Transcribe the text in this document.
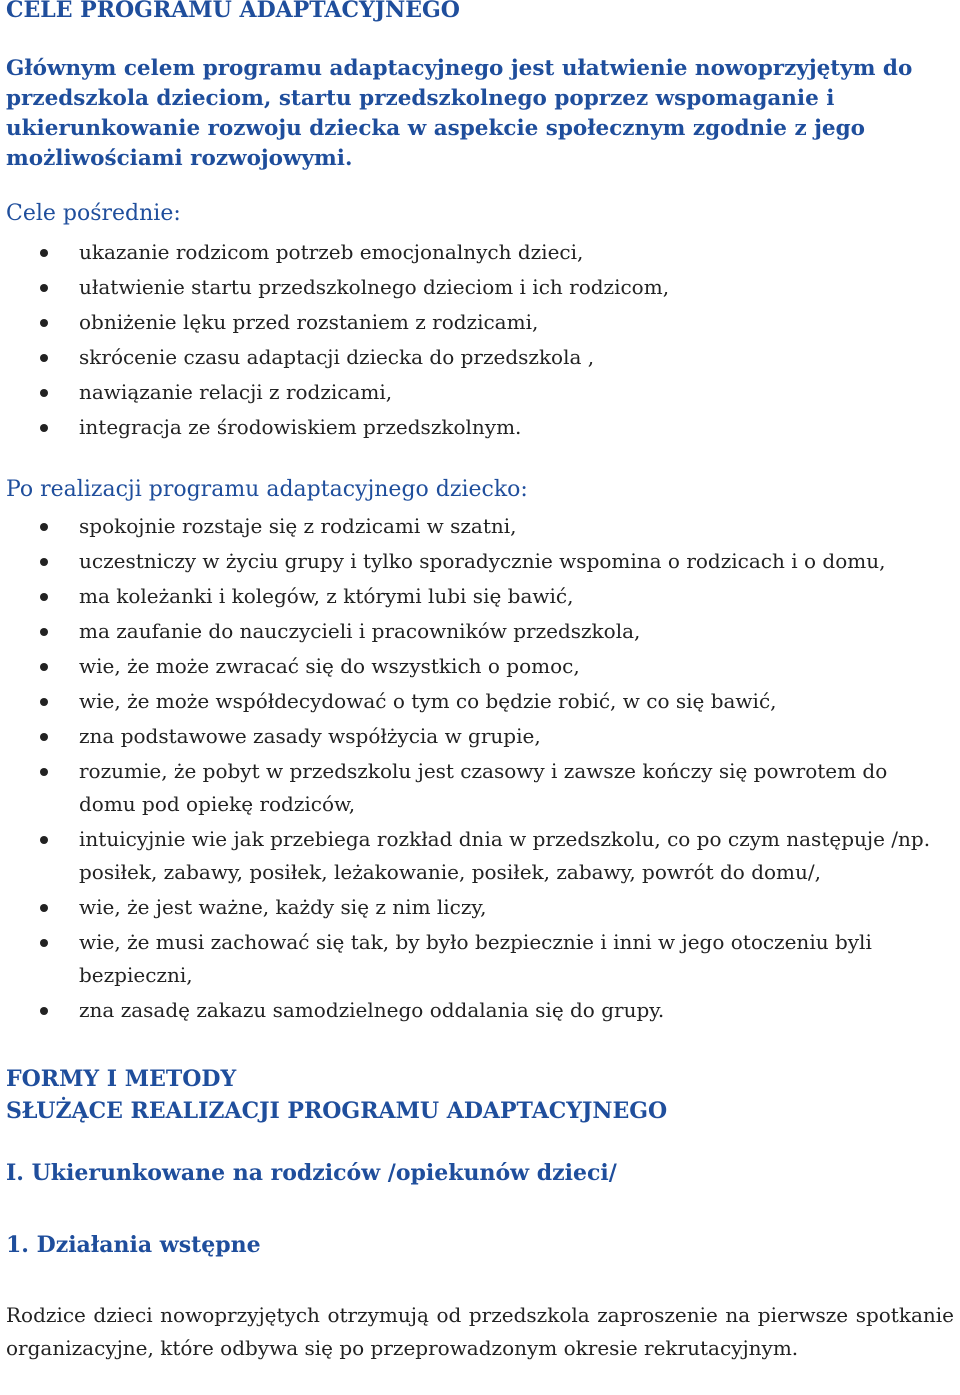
CELE PROGRAMU ADAPTACYJNEGO

Głównym celem programu adaptacyjnego jest ułatwienie nowoprzyjętym do przedszkola dzieciom, startu przedszkolnego poprzez wspomaganie i ukierunkowanie rozwoju dziecka w aspekcie społecznym zgodnie z jego możliwościami rozwojowymi.

Cele pośrednie:
ukazanie rodzicom potrzeb emocjonalnych dzieci,
ułatwienie startu przedszkolnego dzieciom i ich rodzicom,
obniżenie lęku przed rozstaniem z rodzicami,
skrócenie czasu adaptacji dziecka do przedszkola ,
nawiązanie relacji z rodzicami,
integracja ze środowiskiem przedszkolnym.
Po realizacji programu adaptacyjnego dziecko:
spokojnie rozstaje się z rodzicami w szatni,
uczestniczy w życiu grupy i tylko sporadycznie wspomina o rodzicach i o domu,
ma koleżanki i kolegów, z którymi lubi się bawić,
ma zaufanie do nauczycieli i pracowników przedszkola,
wie, że może zwracać się do wszystkich o pomoc,
wie, że może współdecydować o tym co będzie robić, w co się bawić,
zna podstawowe zasady współżycia w grupie,
rozumie, że pobyt w przedszkolu jest czasowy i zawsze kończy się powrotem do domu pod opiekę rodziców,
intuicyjnie wie jak przebiega rozkład dnia w przedszkolu, co po czym następuje /np. posiłek, zabawy, posiłek, leżakowanie, posiłek, zabawy, powrót do domu/,
wie, że jest ważne, każdy się z nim liczy,
wie, że musi zachować się tak, by było bezpiecznie i inni w jego otoczeniu byli bezpieczni,
zna zasadę zakazu samodzielnego oddalania się do grupy.
FORMY I METODY
SŁUŻĄCE REALIZACJI PROGRAMU ADAPTACYJNEGO
I. Ukierunkowane na rodziców /opiekunów dzieci/
1. Działania wstępne

Rodzice dzieci nowoprzyjętych otrzymują od przedszkola zaproszenie na pierwsze spotkanie organizacyjne, które odbywa się po przeprowadzonym okresie rekrutacyjnym.
